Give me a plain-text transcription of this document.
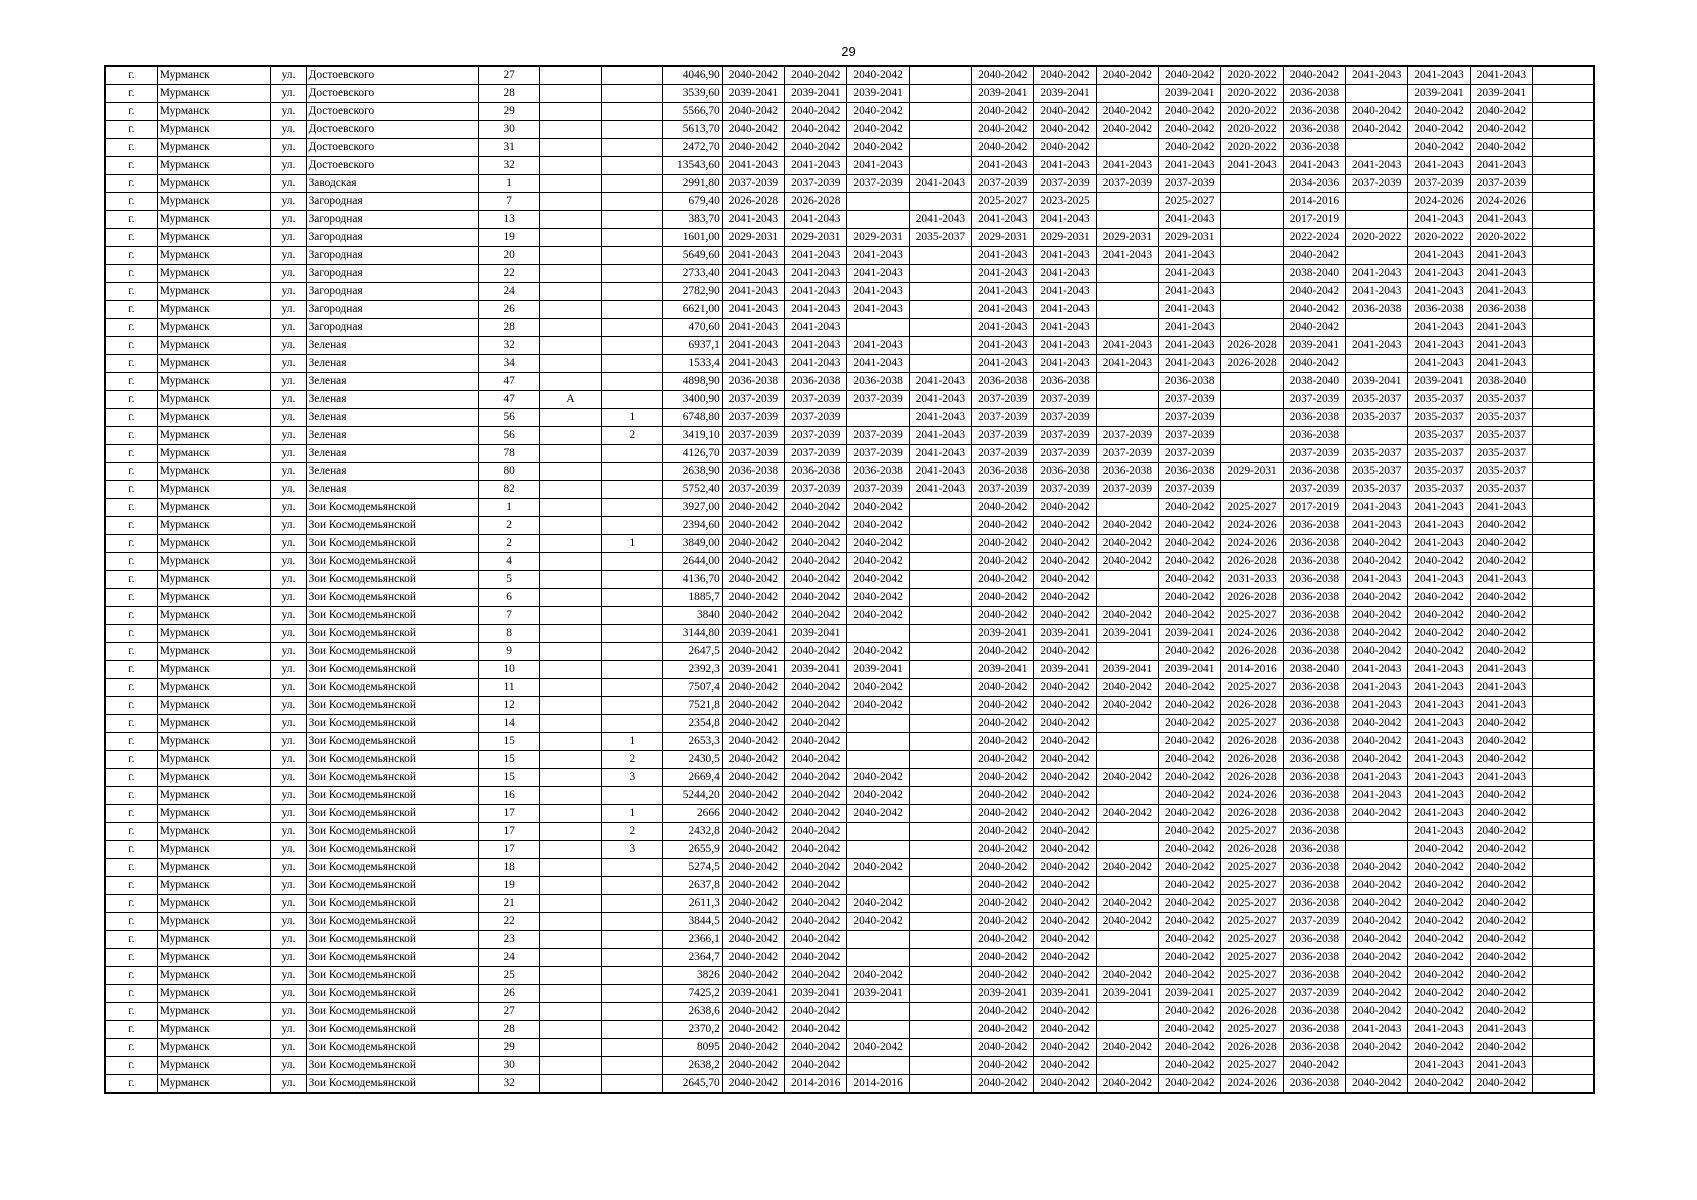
29
г.	Мурманск	ул.	Достоевского	27			4046,90	2040-2042	2040-2042	2040-2042		2040-2042	2040-2042	2040-2042	2040-2042	2020-2022	2040-2042	2041-2043	2041-2043	2041-2043	
г.	Мурманск	ул.	Достоевского	28			3539,60	2039-2041	2039-2041	2039-2041		2039-2041	2039-2041		2039-2041	2020-2022	2036-2038		2039-2041	2039-2041	
г.	Мурманск	ул.	Достоевского	29			5566,70	2040-2042	2040-2042	2040-2042		2040-2042	2040-2042	2040-2042	2040-2042	2020-2022	2036-2038	2040-2042	2040-2042	2040-2042	
г.	Мурманск	ул.	Достоевского	30			5613,70	2040-2042	2040-2042	2040-2042		2040-2042	2040-2042	2040-2042	2040-2042	2020-2022	2036-2038	2040-2042	2040-2042	2040-2042	
г.	Мурманск	ул.	Достоевского	31			2472,70	2040-2042	2040-2042	2040-2042		2040-2042	2040-2042		2040-2042	2020-2022	2036-2038		2040-2042	2040-2042	
г.	Мурманск	ул.	Достоевского	32			13543,60	2041-2043	2041-2043	2041-2043		2041-2043	2041-2043	2041-2043	2041-2043	2041-2043	2041-2043	2041-2043	2041-2043	2041-2043	
г.	Мурманск	ул.	Заводская	1			2991,80	2037-2039	2037-2039	2037-2039	2041-2043	2037-2039	2037-2039	2037-2039	2037-2039		2034-2036	2037-2039	2037-2039	2037-2039	
г.	Мурманск	ул.	Загородная	7			679,40	2026-2028	2026-2028			2025-2027	2023-2025		2025-2027		2014-2016		2024-2026	2024-2026	
г.	Мурманск	ул.	Загородная	13			383,70	2041-2043	2041-2043		2041-2043	2041-2043	2041-2043		2041-2043		2017-2019		2041-2043	2041-2043	
г.	Мурманск	ул.	Загородная	19			1601,00	2029-2031	2029-2031	2029-2031	2035-2037	2029-2031	2029-2031	2029-2031	2029-2031		2022-2024	2020-2022	2020-2022	2020-2022	
г.	Мурманск	ул.	Загородная	20			5649,60	2041-2043	2041-2043	2041-2043		2041-2043	2041-2043	2041-2043	2041-2043		2040-2042		2041-2043	2041-2043	
г.	Мурманск	ул.	Загородная	22			2733,40	2041-2043	2041-2043	2041-2043		2041-2043	2041-2043		2041-2043		2038-2040	2041-2043	2041-2043	2041-2043	
г.	Мурманск	ул.	Загородная	24			2782,90	2041-2043	2041-2043	2041-2043		2041-2043	2041-2043		2041-2043		2040-2042	2041-2043	2041-2043	2041-2043	
г.	Мурманск	ул.	Загородная	26			6621,00	2041-2043	2041-2043	2041-2043		2041-2043	2041-2043		2041-2043		2040-2042	2036-2038	2036-2038	2036-2038	
г.	Мурманск	ул.	Загородная	28			470,60	2041-2043	2041-2043			2041-2043	2041-2043		2041-2043		2040-2042		2041-2043	2041-2043	
г.	Мурманск	ул.	Зеленая	32			6937,1	2041-2043	2041-2043	2041-2043		2041-2043	2041-2043	2041-2043	2041-2043	2026-2028	2039-2041	2041-2043	2041-2043	2041-2043	
г.	Мурманск	ул.	Зеленая	34			1533,4	2041-2043	2041-2043	2041-2043		2041-2043	2041-2043	2041-2043	2041-2043	2026-2028	2040-2042		2041-2043	2041-2043	
г.	Мурманск	ул.	Зеленая	47			4898,90	2036-2038	2036-2038	2036-2038	2041-2043	2036-2038	2036-2038		2036-2038		2038-2040	2039-2041	2039-2041	2038-2040	
г.	Мурманск	ул.	Зеленая	47	А		3400,90	2037-2039	2037-2039	2037-2039	2041-2043	2037-2039	2037-2039		2037-2039		2037-2039	2035-2037	2035-2037	2035-2037	
г.	Мурманск	ул.	Зеленая	56		1	6748,80	2037-2039	2037-2039		2041-2043	2037-2039	2037-2039		2037-2039		2036-2038	2035-2037	2035-2037	2035-2037	
г.	Мурманск	ул.	Зеленая	56		2	3419,10	2037-2039	2037-2039	2037-2039	2041-2043	2037-2039	2037-2039	2037-2039	2037-2039		2036-2038		2035-2037	2035-2037	
г.	Мурманск	ул.	Зеленая	78			4126,70	2037-2039	2037-2039	2037-2039	2041-2043	2037-2039	2037-2039	2037-2039	2037-2039		2037-2039	2035-2037	2035-2037	2035-2037	
г.	Мурманск	ул.	Зеленая	80			2638,90	2036-2038	2036-2038	2036-2038	2041-2043	2036-2038	2036-2038	2036-2038	2036-2038	2029-2031	2036-2038	2035-2037	2035-2037	2035-2037	
г.	Мурманск	ул.	Зеленая	82			5752,40	2037-2039	2037-2039	2037-2039	2041-2043	2037-2039	2037-2039	2037-2039	2037-2039		2037-2039	2035-2037	2035-2037	2035-2037	
г.	Мурманск	ул.	Зои Космодемьянской	1			3927,00	2040-2042	2040-2042	2040-2042		2040-2042	2040-2042		2040-2042	2025-2027	2017-2019	2041-2043	2041-2043	2041-2043	
г.	Мурманск	ул.	Зои Космодемьянской	2			2394,60	2040-2042	2040-2042	2040-2042		2040-2042	2040-2042	2040-2042	2040-2042	2024-2026	2036-2038	2041-2043	2041-2043	2040-2042	
г.	Мурманск	ул.	Зои Космодемьянской	2		1	3849,00	2040-2042	2040-2042	2040-2042		2040-2042	2040-2042	2040-2042	2040-2042	2024-2026	2036-2038	2040-2042	2041-2043	2040-2042	
г.	Мурманск	ул.	Зои Космодемьянской	4			2644,00	2040-2042	2040-2042	2040-2042		2040-2042	2040-2042	2040-2042	2040-2042	2026-2028	2036-2038	2040-2042	2040-2042	2040-2042	
г.	Мурманск	ул.	Зои Космодемьянской	5			4136,70	2040-2042	2040-2042	2040-2042		2040-2042	2040-2042		2040-2042	2031-2033	2036-2038	2041-2043	2041-2043	2041-2043	
г.	Мурманск	ул.	Зои Космодемьянской	6			1885,7	2040-2042	2040-2042	2040-2042		2040-2042	2040-2042		2040-2042	2026-2028	2036-2038	2040-2042	2040-2042	2040-2042	
г.	Мурманск	ул.	Зои Космодемьянской	7			3840	2040-2042	2040-2042	2040-2042		2040-2042	2040-2042	2040-2042	2040-2042	2025-2027	2036-2038	2040-2042	2040-2042	2040-2042	
г.	Мурманск	ул.	Зои Космодемьянской	8			3144,80	2039-2041	2039-2041			2039-2041	2039-2041	2039-2041	2039-2041	2024-2026	2036-2038	2040-2042	2040-2042	2040-2042	
г.	Мурманск	ул.	Зои Космодемьянской	9			2647,5	2040-2042	2040-2042	2040-2042		2040-2042	2040-2042		2040-2042	2026-2028	2036-2038	2040-2042	2040-2042	2040-2042	
г.	Мурманск	ул.	Зои Космодемьянской	10			2392,3	2039-2041	2039-2041	2039-2041		2039-2041	2039-2041	2039-2041	2039-2041	2014-2016	2038-2040	2041-2043	2041-2043	2041-2043	
г.	Мурманск	ул.	Зои Космодемьянской	11			7507,4	2040-2042	2040-2042	2040-2042		2040-2042	2040-2042	2040-2042	2040-2042	2025-2027	2036-2038	2041-2043	2041-2043	2041-2043	
г.	Мурманск	ул.	Зои Космодемьянской	12			7521,8	2040-2042	2040-2042	2040-2042		2040-2042	2040-2042	2040-2042	2040-2042	2026-2028	2036-2038	2041-2043	2041-2043	2041-2043	
г.	Мурманск	ул.	Зои Космодемьянской	14			2354,8	2040-2042	2040-2042			2040-2042	2040-2042		2040-2042	2025-2027	2036-2038	2040-2042	2041-2043	2040-2042	
г.	Мурманск	ул.	Зои Космодемьянской	15		1	2653,3	2040-2042	2040-2042			2040-2042	2040-2042		2040-2042	2026-2028	2036-2038	2040-2042	2041-2043	2040-2042	
г.	Мурманск	ул.	Зои Космодемьянской	15		2	2430,5	2040-2042	2040-2042			2040-2042	2040-2042		2040-2042	2026-2028	2036-2038	2040-2042	2041-2043	2040-2042	
г.	Мурманск	ул.	Зои Космодемьянской	15		3	2669,4	2040-2042	2040-2042	2040-2042		2040-2042	2040-2042	2040-2042	2040-2042	2026-2028	2036-2038	2041-2043	2041-2043	2041-2043	
г.	Мурманск	ул.	Зои Космодемьянской	16			5244,20	2040-2042	2040-2042	2040-2042		2040-2042	2040-2042		2040-2042	2024-2026	2036-2038	2041-2043	2041-2043	2040-2042	
г.	Мурманск	ул.	Зои Космодемьянской	17		1	2666	2040-2042	2040-2042	2040-2042		2040-2042	2040-2042	2040-2042	2040-2042	2026-2028	2036-2038	2040-2042	2041-2043	2040-2042	
г.	Мурманск	ул.	Зои Космодемьянской	17		2	2432,8	2040-2042	2040-2042			2040-2042	2040-2042		2040-2042	2025-2027	2036-2038		2041-2043	2040-2042	
г.	Мурманск	ул.	Зои Космодемьянской	17		3	2655,9	2040-2042	2040-2042			2040-2042	2040-2042		2040-2042	2026-2028	2036-2038		2040-2042	2040-2042	
г.	Мурманск	ул.	Зои Космодемьянской	18			5274,5	2040-2042	2040-2042	2040-2042		2040-2042	2040-2042	2040-2042	2040-2042	2025-2027	2036-2038	2040-2042	2040-2042	2040-2042	
г.	Мурманск	ул.	Зои Космодемьянской	19			2637,8	2040-2042	2040-2042			2040-2042	2040-2042		2040-2042	2025-2027	2036-2038	2040-2042	2040-2042	2040-2042	
г.	Мурманск	ул.	Зои Космодемьянской	21			2611,3	2040-2042	2040-2042	2040-2042		2040-2042	2040-2042	2040-2042	2040-2042	2025-2027	2036-2038	2040-2042	2040-2042	2040-2042	
г.	Мурманск	ул.	Зои Космодемьянской	22			3844,5	2040-2042	2040-2042	2040-2042		2040-2042	2040-2042	2040-2042	2040-2042	2025-2027	2037-2039	2040-2042	2040-2042	2040-2042	
г.	Мурманск	ул.	Зои Космодемьянской	23			2366,1	2040-2042	2040-2042			2040-2042	2040-2042		2040-2042	2025-2027	2036-2038	2040-2042	2040-2042	2040-2042	
г.	Мурманск	ул.	Зои Космодемьянской	24			2364,7	2040-2042	2040-2042			2040-2042	2040-2042		2040-2042	2025-2027	2036-2038	2040-2042	2040-2042	2040-2042	
г.	Мурманск	ул.	Зои Космодемьянской	25			3826	2040-2042	2040-2042	2040-2042		2040-2042	2040-2042	2040-2042	2040-2042	2025-2027	2036-2038	2040-2042	2040-2042	2040-2042	
г.	Мурманск	ул.	Зои Космодемьянской	26			7425,2	2039-2041	2039-2041	2039-2041		2039-2041	2039-2041	2039-2041	2039-2041	2025-2027	2037-2039	2040-2042	2040-2042	2040-2042	
г.	Мурманск	ул.	Зои Космодемьянской	27			2638,6	2040-2042	2040-2042			2040-2042	2040-2042		2040-2042	2026-2028	2036-2038	2040-2042	2040-2042	2040-2042	
г.	Мурманск	ул.	Зои Космодемьянской	28			2370,2	2040-2042	2040-2042			2040-2042	2040-2042		2040-2042	2025-2027	2036-2038	2041-2043	2041-2043	2041-2043	
г.	Мурманск	ул.	Зои Космодемьянской	29			8095	2040-2042	2040-2042	2040-2042		2040-2042	2040-2042	2040-2042	2040-2042	2026-2028	2036-2038	2040-2042	2040-2042	2040-2042	
г.	Мурманск	ул.	Зои Космодемьянской	30			2638,2	2040-2042	2040-2042			2040-2042	2040-2042		2040-2042	2025-2027	2040-2042		2041-2043	2041-2043	
г.	Мурманск	ул.	Зои Космодемьянской	32			2645,70	2040-2042	2014-2016	2014-2016		2040-2042	2040-2042	2040-2042	2040-2042	2024-2026	2036-2038	2040-2042	2040-2042	2040-2042	
